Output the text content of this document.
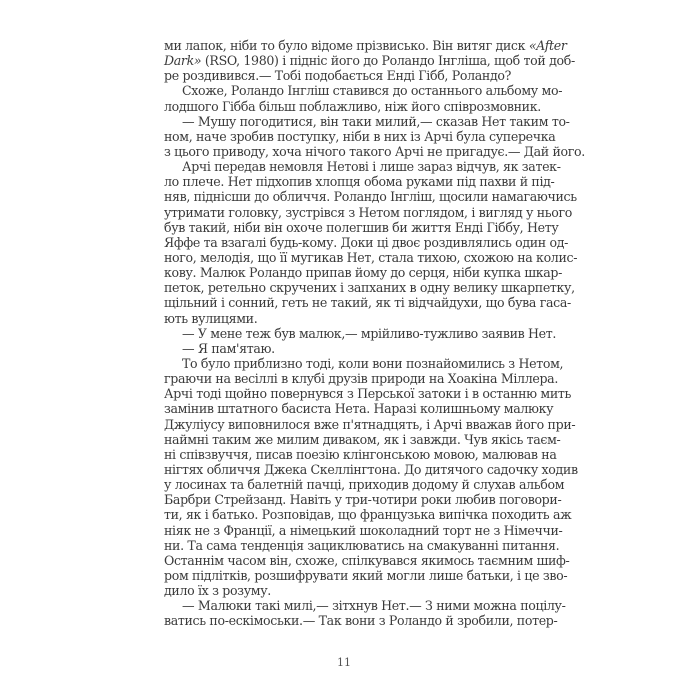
ми лапок, ніби то було відоме прізвисько. Він витяг диск «After
Dark» (RSO, 1980) і підніс його до Роландо Інгліша, щоб той доб-
ре роздивився.— Тобі подобається Енді Гібб, Роландо?
Схоже, Роландо Інгліш ставився до останнього альбому мо-
лодшого Гібба більш поблажливо, ніж його співрозмовник.
— Мушу погодитися, він таки милий,— сказав Нет таким то-
ном, наче зробив поступку, ніби в них із Арчі була суперечка
з цього приводу, хоча нічого такого Арчі не пригадує.— Дай його.
Арчі передав немовля Нетові і лише зараз відчув, як затек-
ло плече. Нет підхопив хлопця обома руками під пахви й під-
няв, піднісши до обличчя. Роландо Інгліш, щосили намагаючись
утримати головку, зустрівся з Нетом поглядом, і вигляд у нього
був такий, ніби він охоче полегшив би життя Енді Гіббу, Нету
Яффе та взагалі будь-кому. Доки ці двоє роздивлялись один од-
ного, мелодія, що її мугикав Нет, стала тихою, схожою на колис-
кову. Малюк Роландо припав йому до серця, ніби купка шкар-
петок, ретельно скручених і запханих в одну велику шкарпетку,
щільний і сонний, геть не такий, як ті відчайдухи, що бува гаса-
ють вулицями.
— У мене теж був малюк,— мрійливо-тужливо заявив Нет.
— Я пам'ятаю.
То було приблизно тоді, коли вони познайомились з Нетом,
граючи на весіллі в клубі друзів природи на Хоакіна Міллера.
Арчі тоді щойно повернувся з Перської затоки і в останню мить
замінив штатного басиста Нета. Наразі колишньому малюку
Джуліусу виповнилося вже п'ятнадцять, і Арчі вважав його при-
наймні таким же милим диваком, як і завжди. Чув якісь таєм-
ні співзвуччя, писав поезію клінгонською мовою, малював на
нігтях обличчя Джека Скеллінгтона. До дитячого садочку ходив
у лосинах та балетній пачці, приходив додому й слухав альбом
Барбри Стрейзанд. Навіть у три-чотири роки любив поговори-
ти, як і батько. Розповідав, що французька випічка походить аж
ніяк не з Франції, а німецький шоколадний торт не з Німеччи-
ни. Та сама тенденція зациклюватись на смакуванні питання.
Останнім часом він, схоже, спілкувався якимось таємним шиф-
ром підлітків, розшифрувати який могли лише батьки, і це зво-
дило їх з розуму.
— Малюки такі милі,— зітхнув Нет.— З ними можна поцілу-
ватись по-ескімоськи.— Так вони з Роландо й зробили, потер-
11
